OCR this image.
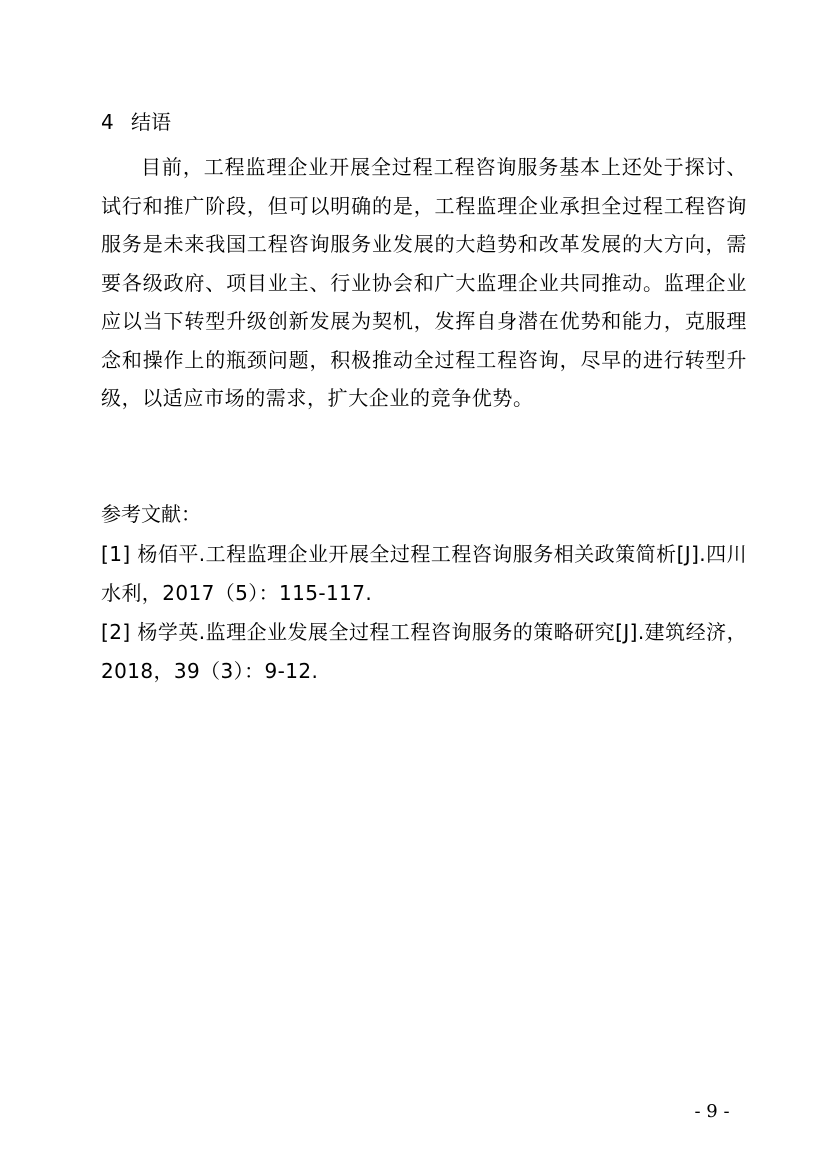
4 结语

目前，工程监理企业开展全过程工程咨询服务基本上还处于探讨、试行和推广阶段，但可以明确的是，工程监理企业承担全过程工程咨询服务是未来我国工程咨询服务业发展的大趋势和改革发展的大方向，需要各级政府、项目业主、行业协会和广大监理企业共同推动。监理企业应以当下转型升级创新发展为契机，发挥自身潜在优势和能力，克服理念和操作上的瓶颈问题，积极推动全过程工程咨询，尽早的进行转型升级，以适应市场的需求，扩大企业的竞争优势。

参考文献：

[1] 杨佰平.工程监理企业开展全过程工程咨询服务相关政策简析[J].四川水利，2017（5）：115-117.

[2] 杨学英.监理企业发展全过程工程咨询服务的策略研究[J].建筑经济，2018，39（3）：9-12.

- 9 -
